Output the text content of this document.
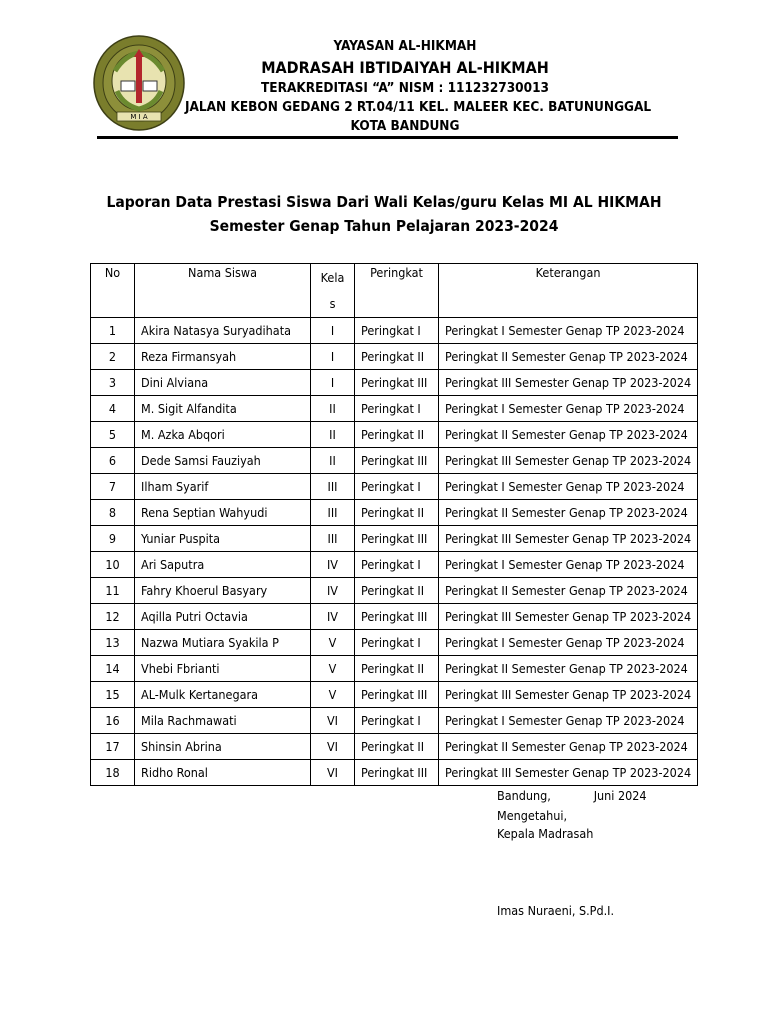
M I A
YAYASAN AL-HIKMAH
MADRASAH IBTIDAIYAH AL-HIKMAH
TERAKREDITASI “A” NISM : 111232730013
JALAN KEBON GEDANG 2 RT.04/11 KEL. MALEER KEC. BATUNUNGGAL
KOTA BANDUNG
Laporan Data Prestasi Siswa Dari Wali Kelas/guru Kelas MI AL HIKMAH
Semester Genap Tahun Pelajaran 2023-2024
No	Nama Siswa	Kela
s	Peringkat	Keterangan
1	Akira Natasya Suryadihata	I	Peringkat I	Peringkat I Semester Genap TP 2023-2024
2	Reza Firmansyah	I	Peringkat II	Peringkat II Semester Genap TP 2023-2024
3	Dini Alviana	I	Peringkat III	Peringkat III Semester Genap TP 2023-2024
4	M. Sigit Alfandita	II	Peringkat I	Peringkat I Semester Genap TP 2023-2024
5	M. Azka Abqori	II	Peringkat II	Peringkat II Semester Genap TP 2023-2024
6	Dede Samsi Fauziyah	II	Peringkat III	Peringkat III Semester Genap TP 2023-2024
7	Ilham Syarif	III	Peringkat I	Peringkat I Semester Genap TP 2023-2024
8	Rena Septian Wahyudi	III	Peringkat II	Peringkat II Semester Genap TP 2023-2024
9	Yuniar Puspita	III	Peringkat III	Peringkat III Semester Genap TP 2023-2024
10	Ari Saputra	IV	Peringkat I	Peringkat I Semester Genap TP 2023-2024
11	Fahry Khoerul Basyary	IV	Peringkat II	Peringkat II Semester Genap TP 2023-2024
12	Aqilla Putri Octavia	IV	Peringkat III	Peringkat III Semester Genap TP 2023-2024
13	Nazwa Mutiara Syakila P	V	Peringkat I	Peringkat I Semester Genap TP 2023-2024
14	Vhebi Fbrianti	V	Peringkat II	Peringkat II Semester Genap TP 2023-2024
15	AL-Mulk Kertanegara	V	Peringkat III	Peringkat III Semester Genap TP 2023-2024
16	Mila Rachmawati	VI	Peringkat I	Peringkat I Semester Genap TP 2023-2024
17	Shinsin Abrina	VI	Peringkat II	Peringkat II Semester Genap TP 2023-2024
18	Ridho Ronal	VI	Peringkat III	Peringkat III Semester Genap TP 2023-2024
Bandung,            Juni 2024
Mengetahui,
Kepala Madrasah
Imas Nuraeni, S.Pd.I.
